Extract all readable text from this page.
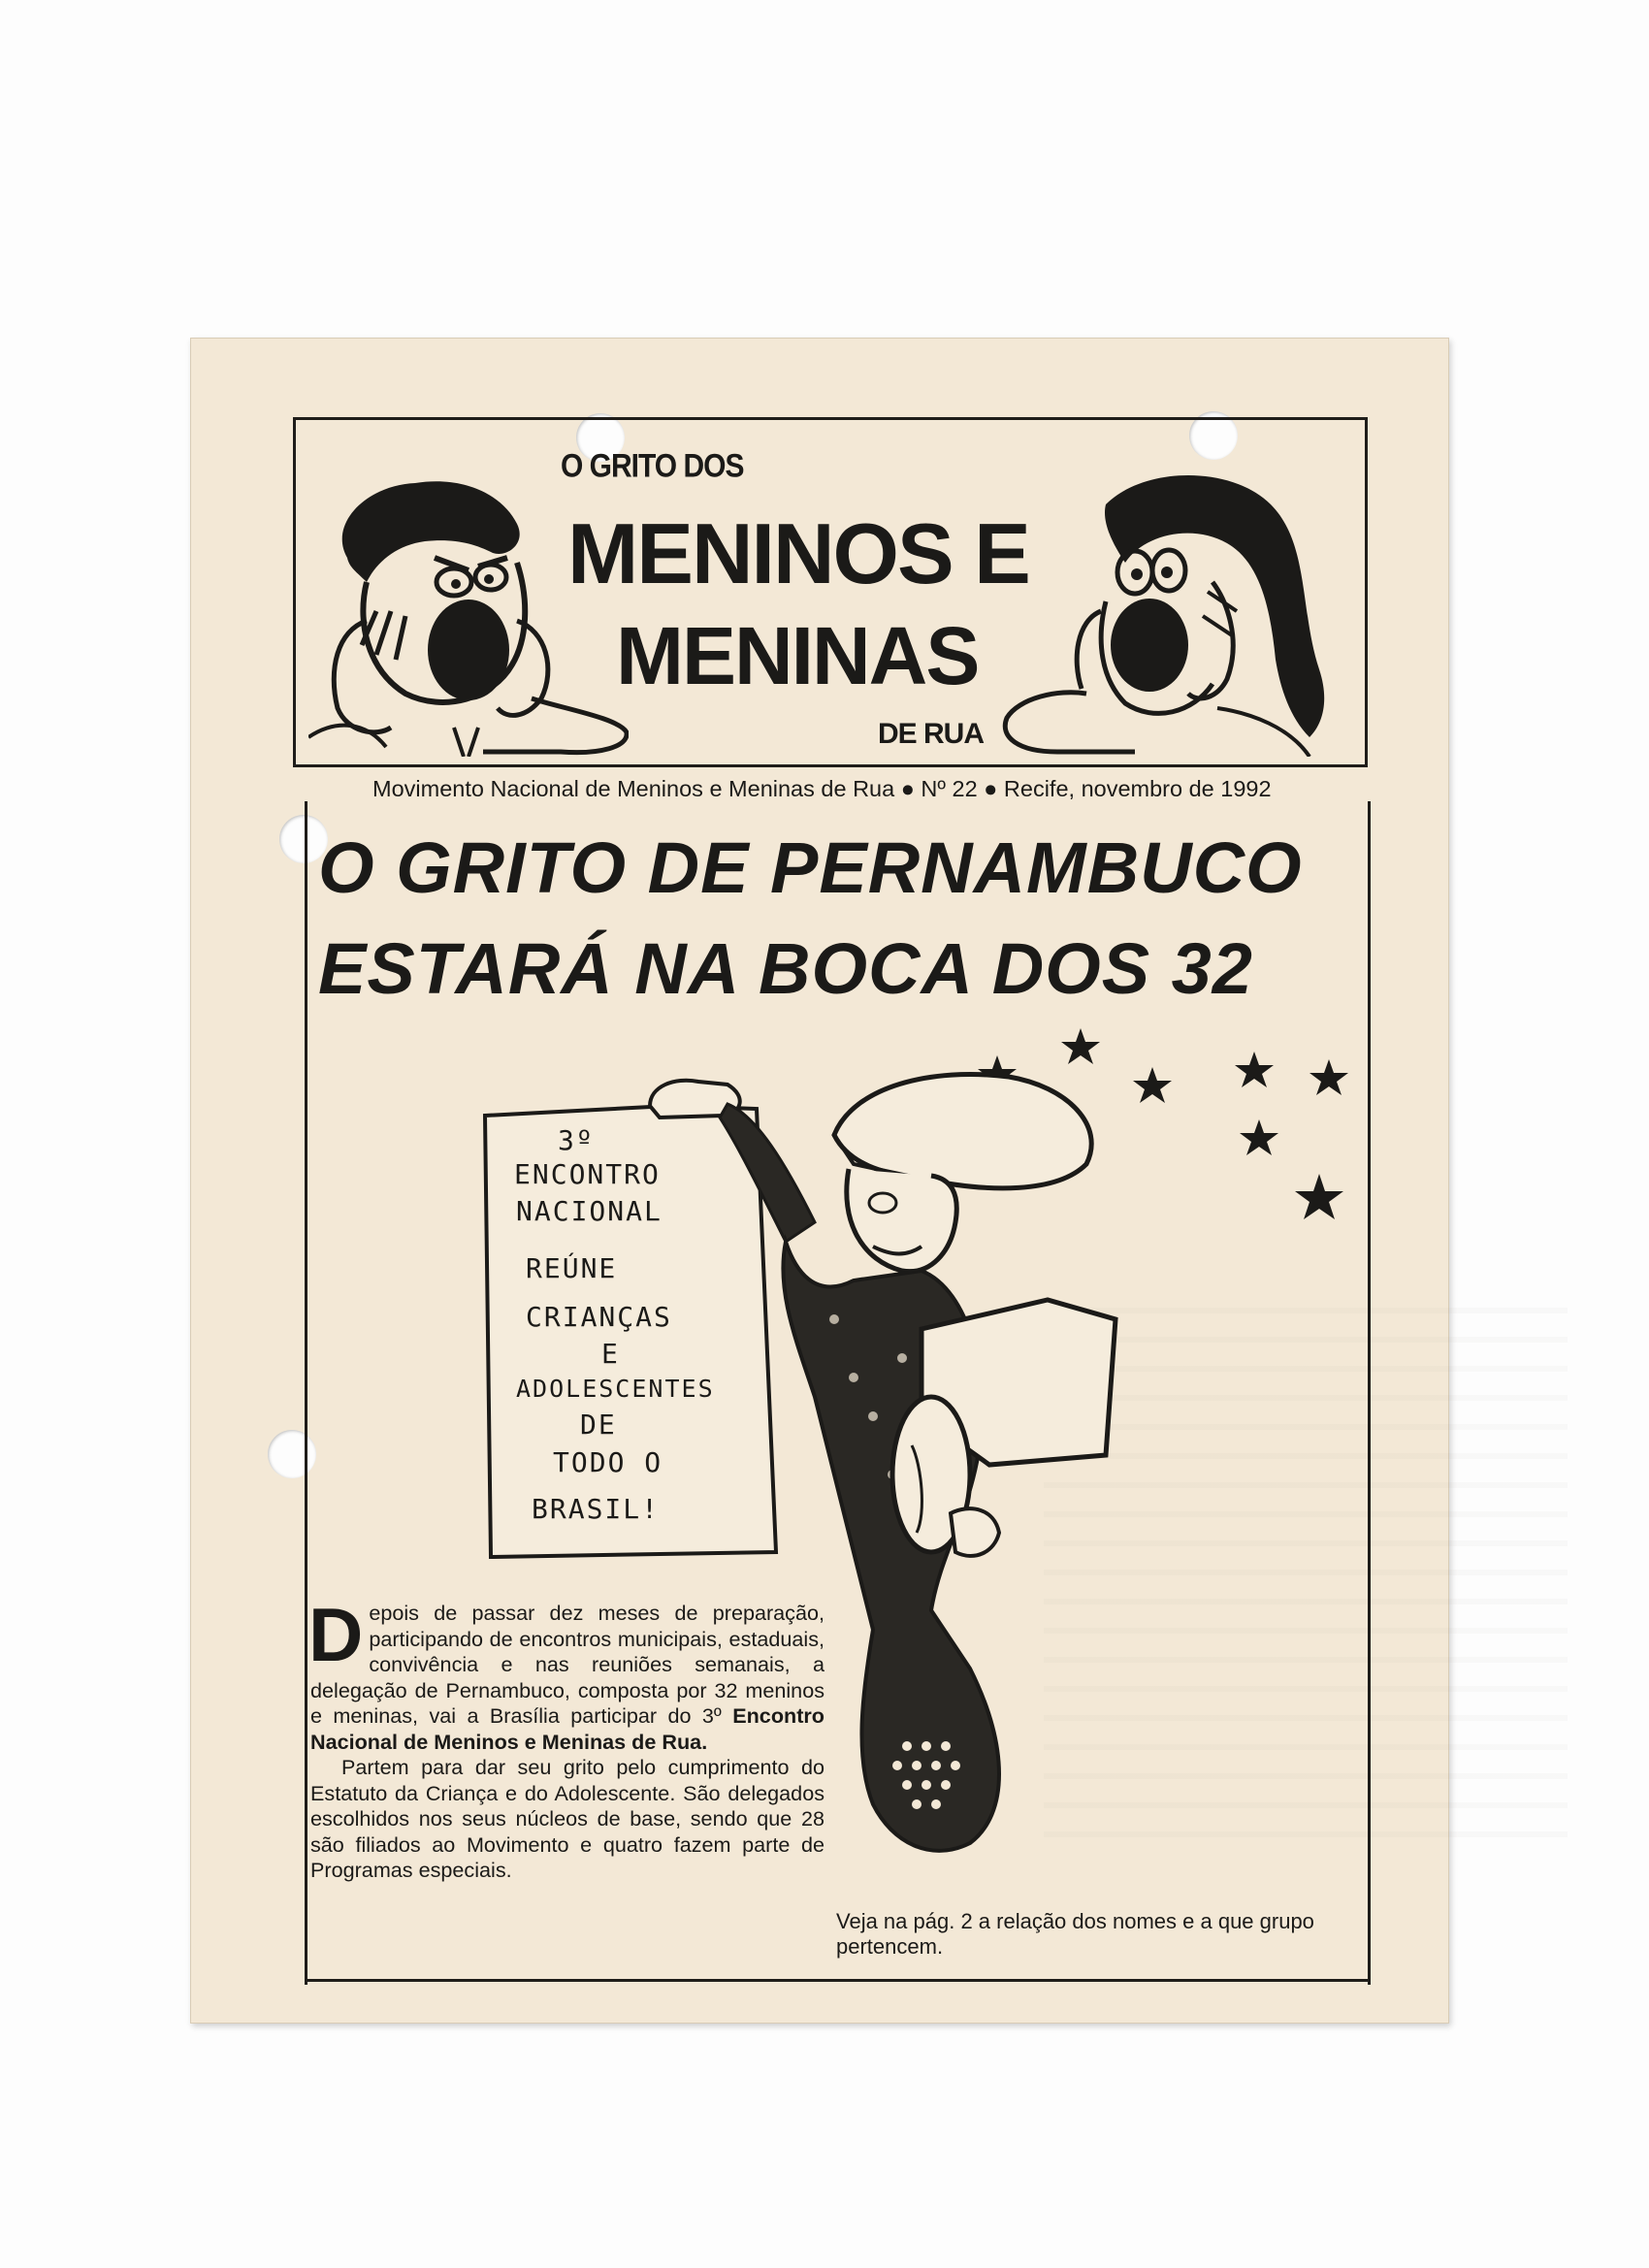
O GRITO DOS
MENINOS E
MENINAS
DE RUA
Movimento Nacional de Meninos e Meninas de Rua ● Nº 22 ● Recife, novembro de 1992
O GRITO DE PERNAMBUCO
ESTARÁ NA BOCA DOS 32
3º
ENCONTRO
NACIONAL
REÚNE
CRIANÇAS
E
ADOLESCENTES
DE
TODO O
BRASIL!

Depois de passar dez meses de preparação, participando de encontros municipais, estaduais, convivência e nas reuniões semanais, a delegação de Pernambuco, composta por 32 meninos e meninas, vai a Brasília participar do 3º Encontro Nacional de Meninos e Meninas de Rua.

Partem para dar seu grito pelo cumprimento do Estatuto da Criança e do Adolescente. São delegados escolhidos nos seus núcleos de base, sendo que 28 são filiados ao Movimento e quatro fazem parte de Programas especiais.

Veja na pág. 2 a relação dos nomes e a que grupo pertencem.
